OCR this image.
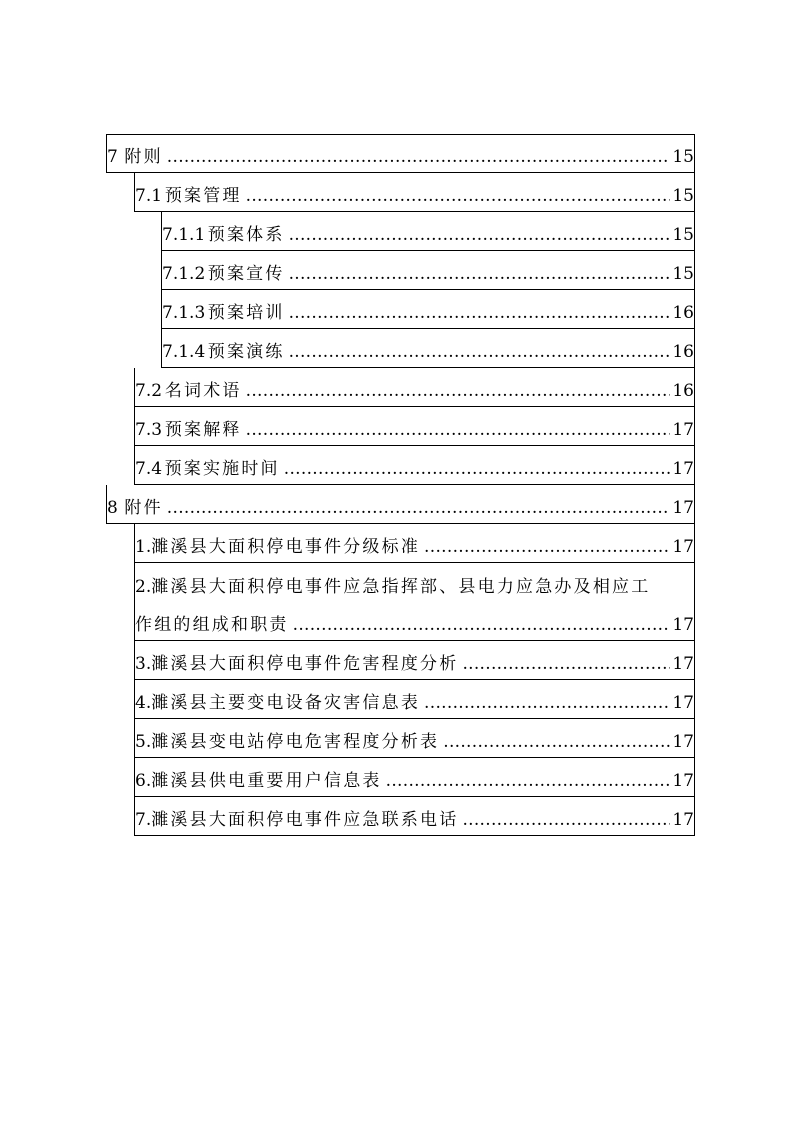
7 附则 .....	15
7.1 预案管理 .....	15
7.1.1 预案体系 .....	15
7.1.2 预案宣传 .....	15
7.1.3 预案培训 .....	16
7.1.4 预案演练 .....	16
7.2 名词术语 .....	16
7.3 预案解释 .....	17
7.4 预案实施时间 .....	17
8 附件 .....	17
1. 濉溪县大面积停电事件分级标准 .....	17
2. 濉溪县大面积停电事件应急指挥部、县电力应急办及相应工
作组的组成和职责 .....	17
3. 濉溪县大面积停电事件危害程度分析 .....	17
4. 濉溪县主要变电设备灾害信息表 .....	17
5. 濉溪县变电站停电危害程度分析表 .....	17
6. 濉溪县供电重要用户信息表 .....	17
7. 濉溪县大面积停电事件应急联系电话 .....	17
